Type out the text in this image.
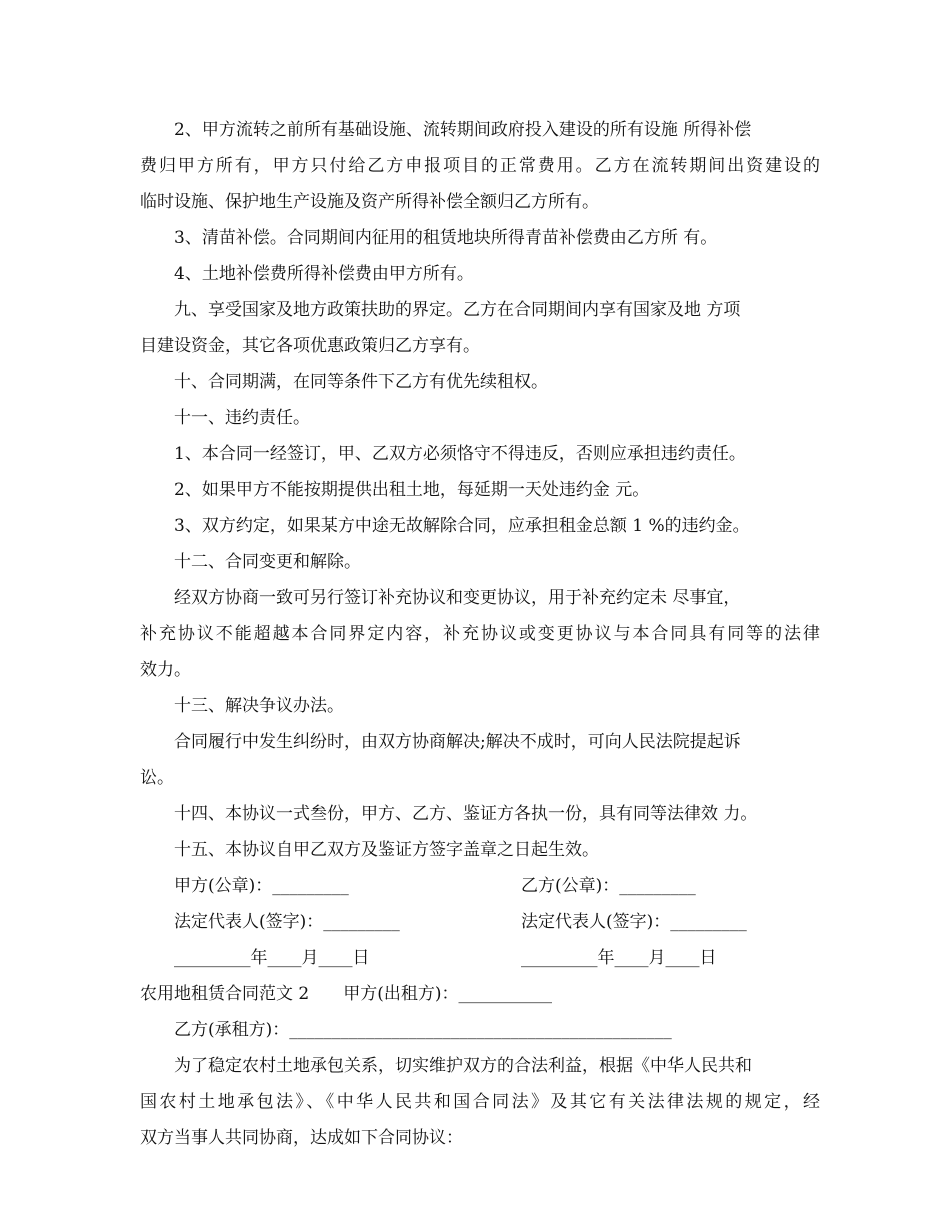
2、甲方流转之前所有基础设施、流转期间政府投入建设的所有设施 所得补偿
费归甲方所有，甲方只付给乙方申报项目的正常费用。乙方在流转期间出资建设的
临时设施、保护地生产设施及资产所得补偿全额归乙方所有。
3、清苗补偿。合同期间内征用的租赁地块所得青苗补偿费由乙方所 有。
4、土地补偿费所得补偿费由甲方所有。
九、享受国家及地方政策扶助的界定。乙方在合同期间内享有国家及地 方项
目建设资金，其它各项优惠政策归乙方享有。
十、合同期满，在同等条件下乙方有优先续租权。
十一、违约责任。
1、本合同一经签订，甲、乙双方必须恪守不得违反，否则应承担违约责任。
2、如果甲方不能按期提供出租土地，每延期一天处违约金 元。
3、双方约定，如果某方中途无故解除合同，应承担租金总额 1 %的违约金。
十二、合同变更和解除。
经双方协商一致可另行签订补充协议和变更协议，用于补充约定未 尽事宜，
补充协议不能超越本合同界定内容，补充协议或变更协议与本合同具有同等的法律
效力。
十三、解决争议办法。
合同履行中发生纠纷时，由双方协商解决;解决不成时，可向人民法院提起诉
讼。
十四、本协议一式叁份，甲方、乙方、鉴证方各执一份，具有同等法律效 力。
十五、本协议自甲乙双方及鉴证方签字盖章之日起生效。
甲方(公章)：_________	乙方(公章)：_________
法定代表人(签字)：_________	法定代表人(签字)：_________
_________年____月____日	_________年____月____日
农用地租赁合同范文 2　　甲方(出租方)：___________
乙方(承租方)：_____________________________________________
为了稳定农村土地承包关系，切实维护双方的合法利益，根据《中华人民共和
国农村土地承包法》、《中华人民共和国合同法》及其它有关法律法规的规定，经
双方当事人共同协商，达成如下合同协议：
